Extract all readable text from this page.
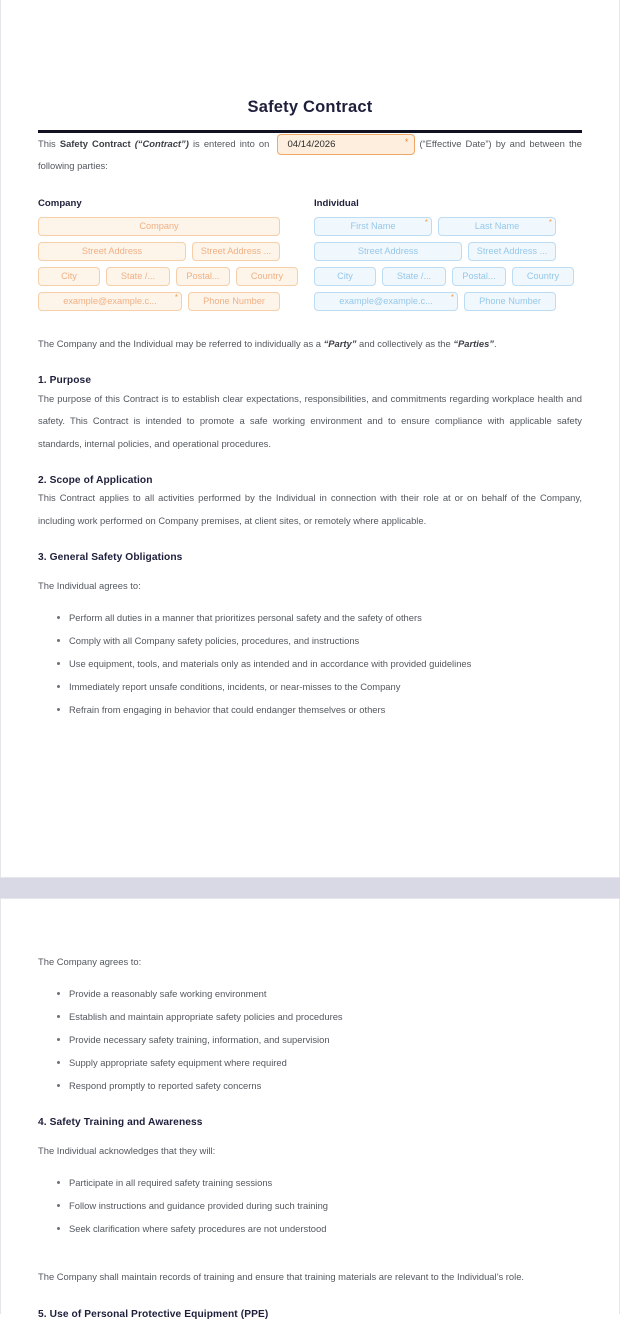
Safety Contract

This Safety Contract (“Contract”) is entered into on 04/14/2026	* (“Effective Date”) by and between the following parties:

Company
Company
Street Address	Street Address ...
City	State /...	Postal...	Country
example@example.c... *	Phone Number
Individual
First Name	*	Last Name	*
Street Address	Street Address ...
City	State /...	Postal...	Country
example@example.c... *	Phone Number

The Company and the Individual may be referred to individually as a “Party” and collectively as the “Parties”.

1. Purpose

The purpose of this Contract is to establish clear expectations, responsibilities, and commitments regarding workplace health and safety. This Contract is intended to promote a safe working environment and to ensure compliance with applicable safety standards, internal policies, and operational procedures.

2. Scope of Application

This Contract applies to all activities performed by the Individual in connection with their role at or on behalf of the Company, including work performed on Company premises, at client sites, or remotely where applicable.

3. General Safety Obligations

The Individual agrees to:

Perform all duties in a manner that prioritizes personal safety and the safety of others
Comply with all Company safety policies, procedures, and instructions
Use equipment, tools, and materials only as intended and in accordance with provided guidelines
Immediately report unsafe conditions, incidents, or near-misses to the Company
Refrain from engaging in behavior that could endanger themselves or others

The Company agrees to:

Provide a reasonably safe working environment
Establish and maintain appropriate safety policies and procedures
Provide necessary safety training, information, and supervision
Supply appropriate safety equipment where required
Respond promptly to reported safety concerns
4. Safety Training and Awareness

The Individual acknowledges that they will:

Participate in all required safety training sessions
Follow instructions and guidance provided during such training
Seek clarification where safety procedures are not understood

The Company shall maintain records of training and ensure that training materials are relevant to the Individual’s role.

5. Use of Personal Protective Equipment (PPE)
